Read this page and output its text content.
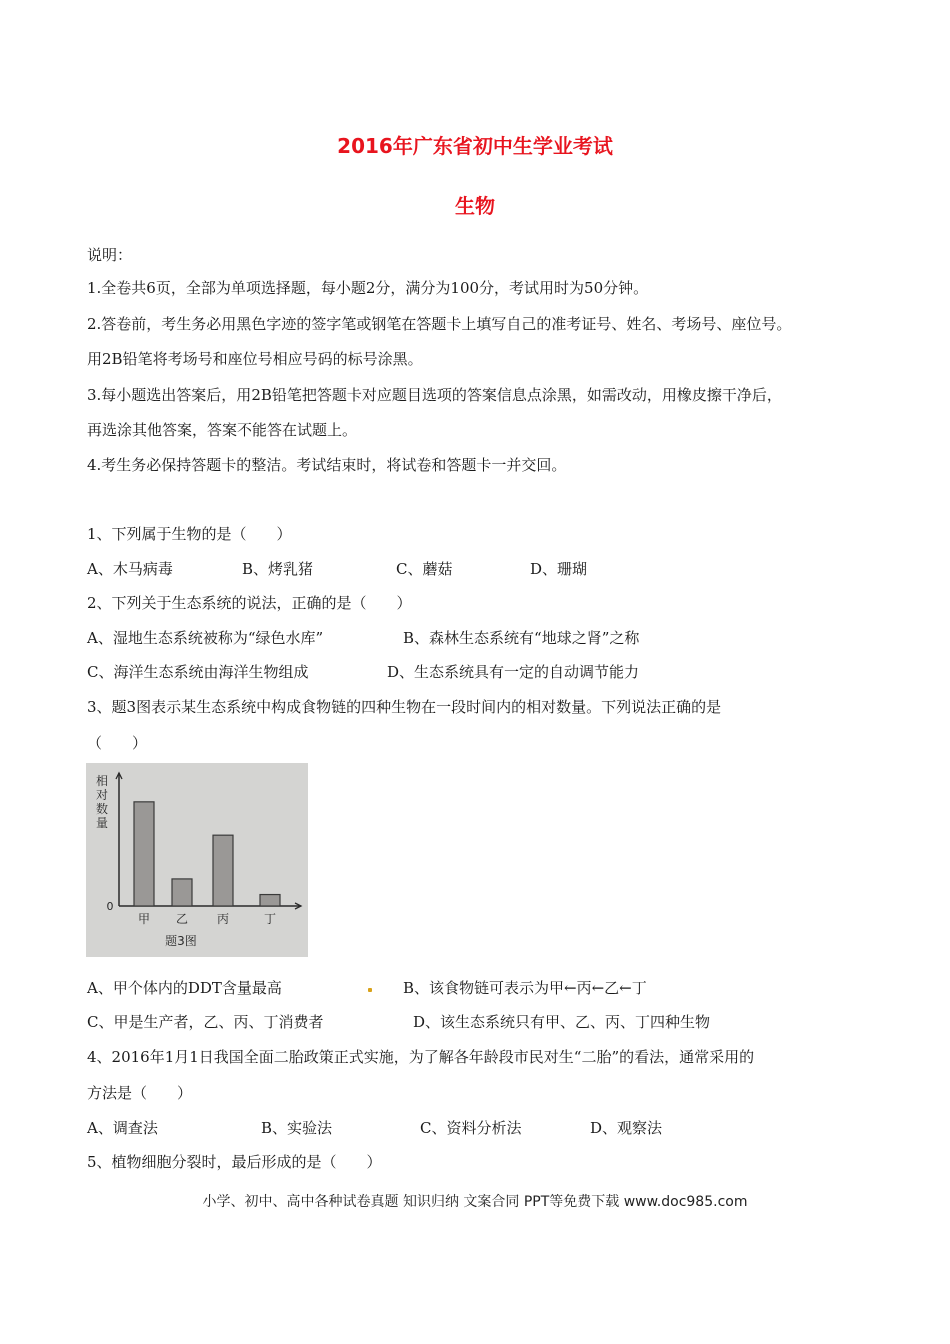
2016年广东省初中生学业考试
生物
说明：
1.全卷共6页，全部为单项选择题，每小题2分，满分为100分，考试用时为50分钟。
2.答卷前，考生务必用黑色字迹的签字笔或钢笔在答题卡上填写自己的准考证号、姓名、考场号、座位号。
用2B铅笔将考场号和座位号相应号码的标号涂黑。
3.每小题选出答案后，用2B铅笔把答题卡对应题目选项的答案信息点涂黑，如需改动，用橡皮擦干净后，
再选涂其他答案，答案不能答在试题上。
4.考生务必保持答题卡的整洁。考试结束时，将试卷和答题卡一并交回。
1、下列属于生物的是（　　）
A、木马病毒	B、烤乳猪	C、蘑菇	D、珊瑚
2、下列关于生态系统的说法，正确的是（　　）
A、湿地生态系统被称为“绿色水库”	B、森林生态系统有“地球之肾”之称
C、海洋生态系统由海洋生物组成	D、生态系统具有一定的自动调节能力
3、题3图表示某生态系统中构成食物链的四种生物在一段时间内的相对数量。下列说法正确的是
（　　）
相对数量
0
甲 乙 丙	丁
题3图
A、甲个体内的DDT含量最高	B、该食物链可表示为甲←丙←乙←丁
C、甲是生产者，乙、丙、丁消费者	D、该生态系统只有甲、乙、丙、丁四种生物
4、2016年1月1日我国全面二胎政策正式实施，为了解各年龄段市民对生“二胎”的看法，通常采用的
方法是（　　）
A、调查法	B、实验法	C、资料分析法	D、观察法
5、植物细胞分裂时，最后形成的是（　　）
小学、初中、高中各种试卷真题 知识归纳 文案合同 PPT等免费下载 www.doc985.com
